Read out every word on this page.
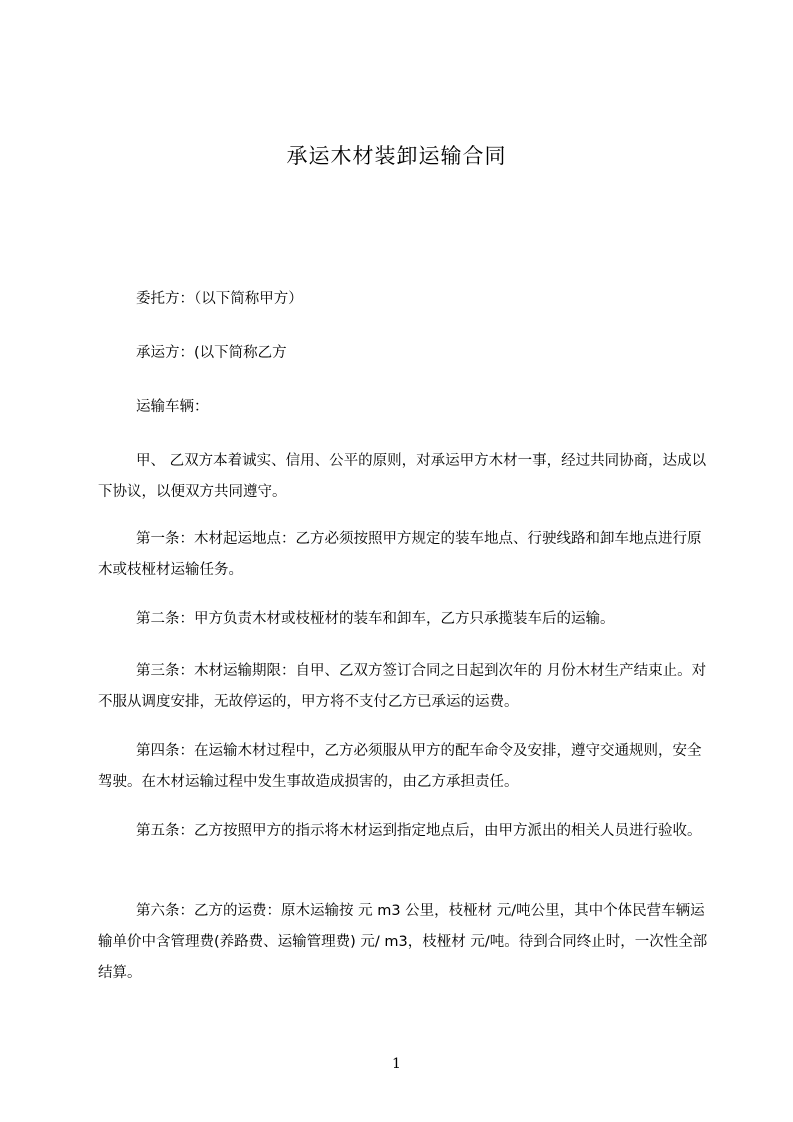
承运木材装卸运输合同

委托方：（以下简称甲方）

承运方：(以下简称乙方

运输车辆：

甲、 乙双方本着诚实、信用、公平的原则，对承运甲方木材一事，经过共同协商，达成以下协议，以便双方共同遵守。

第一条：木材起运地点：乙方必须按照甲方规定的装车地点、行驶线路和卸车地点进行原木或枝桠材运输任务。

第二条：甲方负责木材或枝桠材的装车和卸车，乙方只承揽装车后的运输。

第三条：木材运输期限：自甲、乙双方签订合同之日起到次年的 月份木材生产结束止。对不服从调度安排，无故停运的，甲方将不支付乙方已承运的运费。

第四条：在运输木材过程中，乙方必须服从甲方的配车命令及安排，遵守交通规则，安全驾驶。在木材运输过程中发生事故造成损害的，由乙方承担责任。

第五条：乙方按照甲方的指示将木材运到指定地点后，由甲方派出的相关人员进行验收。

第六条：乙方的运费：原木运输按 元 m3 公里，枝桠材 元/吨公里，其中个体民营车辆运输单价中含管理费(养路费、运输管理费) 元/ m3，枝桠材 元/吨。待到合同终止时，一次性全部结算。

1
